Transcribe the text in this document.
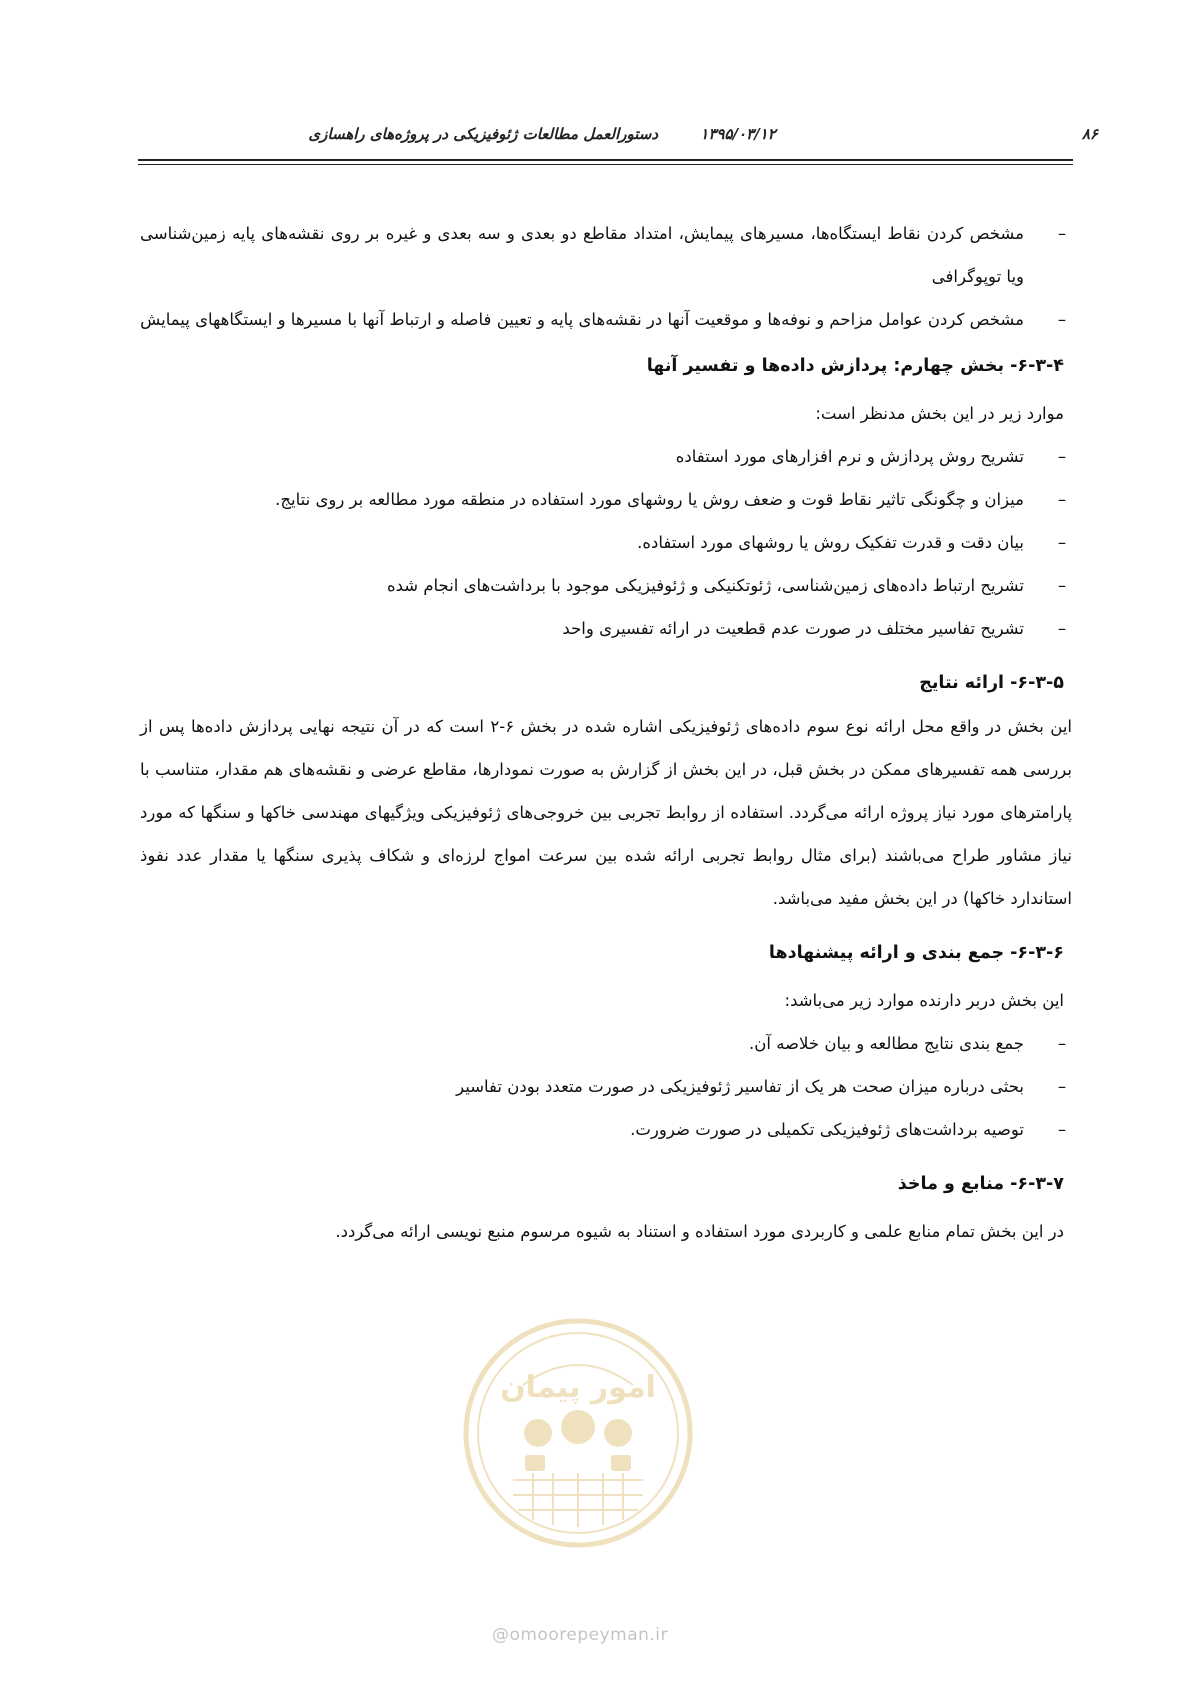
۸۶
۱۳۹۵/۰۳/۱۲
دستورالعمل مطالعات ژئوفیزیکی در پروژه‌های راهسازی

–
مشخص کردن نقاط ایستگاه‌ها، مسیرهای پیمایش، امتداد مقاطع دو بعدی و سه بعدی و غیره بر روی نقشه‌های پایه زمین‌شناسی ویا توپوگرافی

–
مشخص کردن عوامل مزاحم و نوفه‌ها و موقعیت آنها در نقشه‌های پایه و تعیین فاصله و ارتباط آنها با مسیرها و ایستگاههای پیمایش

۶-۳-۴- بخش چهارم: پردازش داده‌ها و تفسیر آنها

موارد زیر در این بخش مدنظر است:

–
تشریح روش پردازش و نرم افزارهای مورد استفاده

–
میزان و چگونگی تاثیر نقاط قوت و ضعف روش یا روشهای مورد استفاده در منطقه مورد مطالعه بر روی نتایج.

–
بیان دقت و قدرت تفکیک روش یا روشهای مورد استفاده.

–
تشریح ارتباط داده‌های زمین‌شناسی، ژئوتکنیکی و ژئوفیزیکی موجود با برداشت‌های انجام شده

–
تشریح تفاسیر مختلف در صورت عدم قطعیت در ارائه تفسیری واحد

۶-۳-۵- ارائه نتایج

این بخش در واقع محل ارائه نوع سوم داده‌های ژئوفیزیکی اشاره شده در بخش ۶-۲ است که در آن نتیجه نهایی پردازش داده‌ها پس از بررسی همه تفسیرهای ممکن در بخش قبل، در این بخش از گزارش به صورت نمودارها، مقاطع عرضی و نقشه‌های هم مقدار، متناسب با پارامترهای مورد نیاز پروژه ارائه می‌گردد. استفاده از روابط تجربی بین خروجی‌های ژئوفیزیکی ویژگیهای مهندسی خاکها و سنگها که مورد نیاز مشاور طراح می‌باشند (برای مثال روابط تجربی ارائه شده بین سرعت امواج لرزه‌ای و شکاف پذیری سنگها یا مقدار عدد نفوذ استاندارد خاکها) در این بخش مفید می‌باشد.

۶-۳-۶- جمع بندی و ارائه پیشنهادها

این بخش دربر دارنده موارد زیر می‌باشد:

–
جمع بندی نتایج مطالعه و بیان خلاصه آن.

–
بحثی درباره میزان صحت هر یک از تفاسیر ژئوفیزیکی در صورت متعدد بودن تفاسیر

–
توصیه برداشت‌های ژئوفیزیکی تکمیلی در صورت ضرورت.

۶-۳-۷- منابع و ماخذ

در این بخش تمام منابع علمی و کاربردی مورد استفاده و استناد به شیوه مرسوم منبع نویسی ارائه می‌گردد.

امور پیمان
@omoorepeyman.ir
